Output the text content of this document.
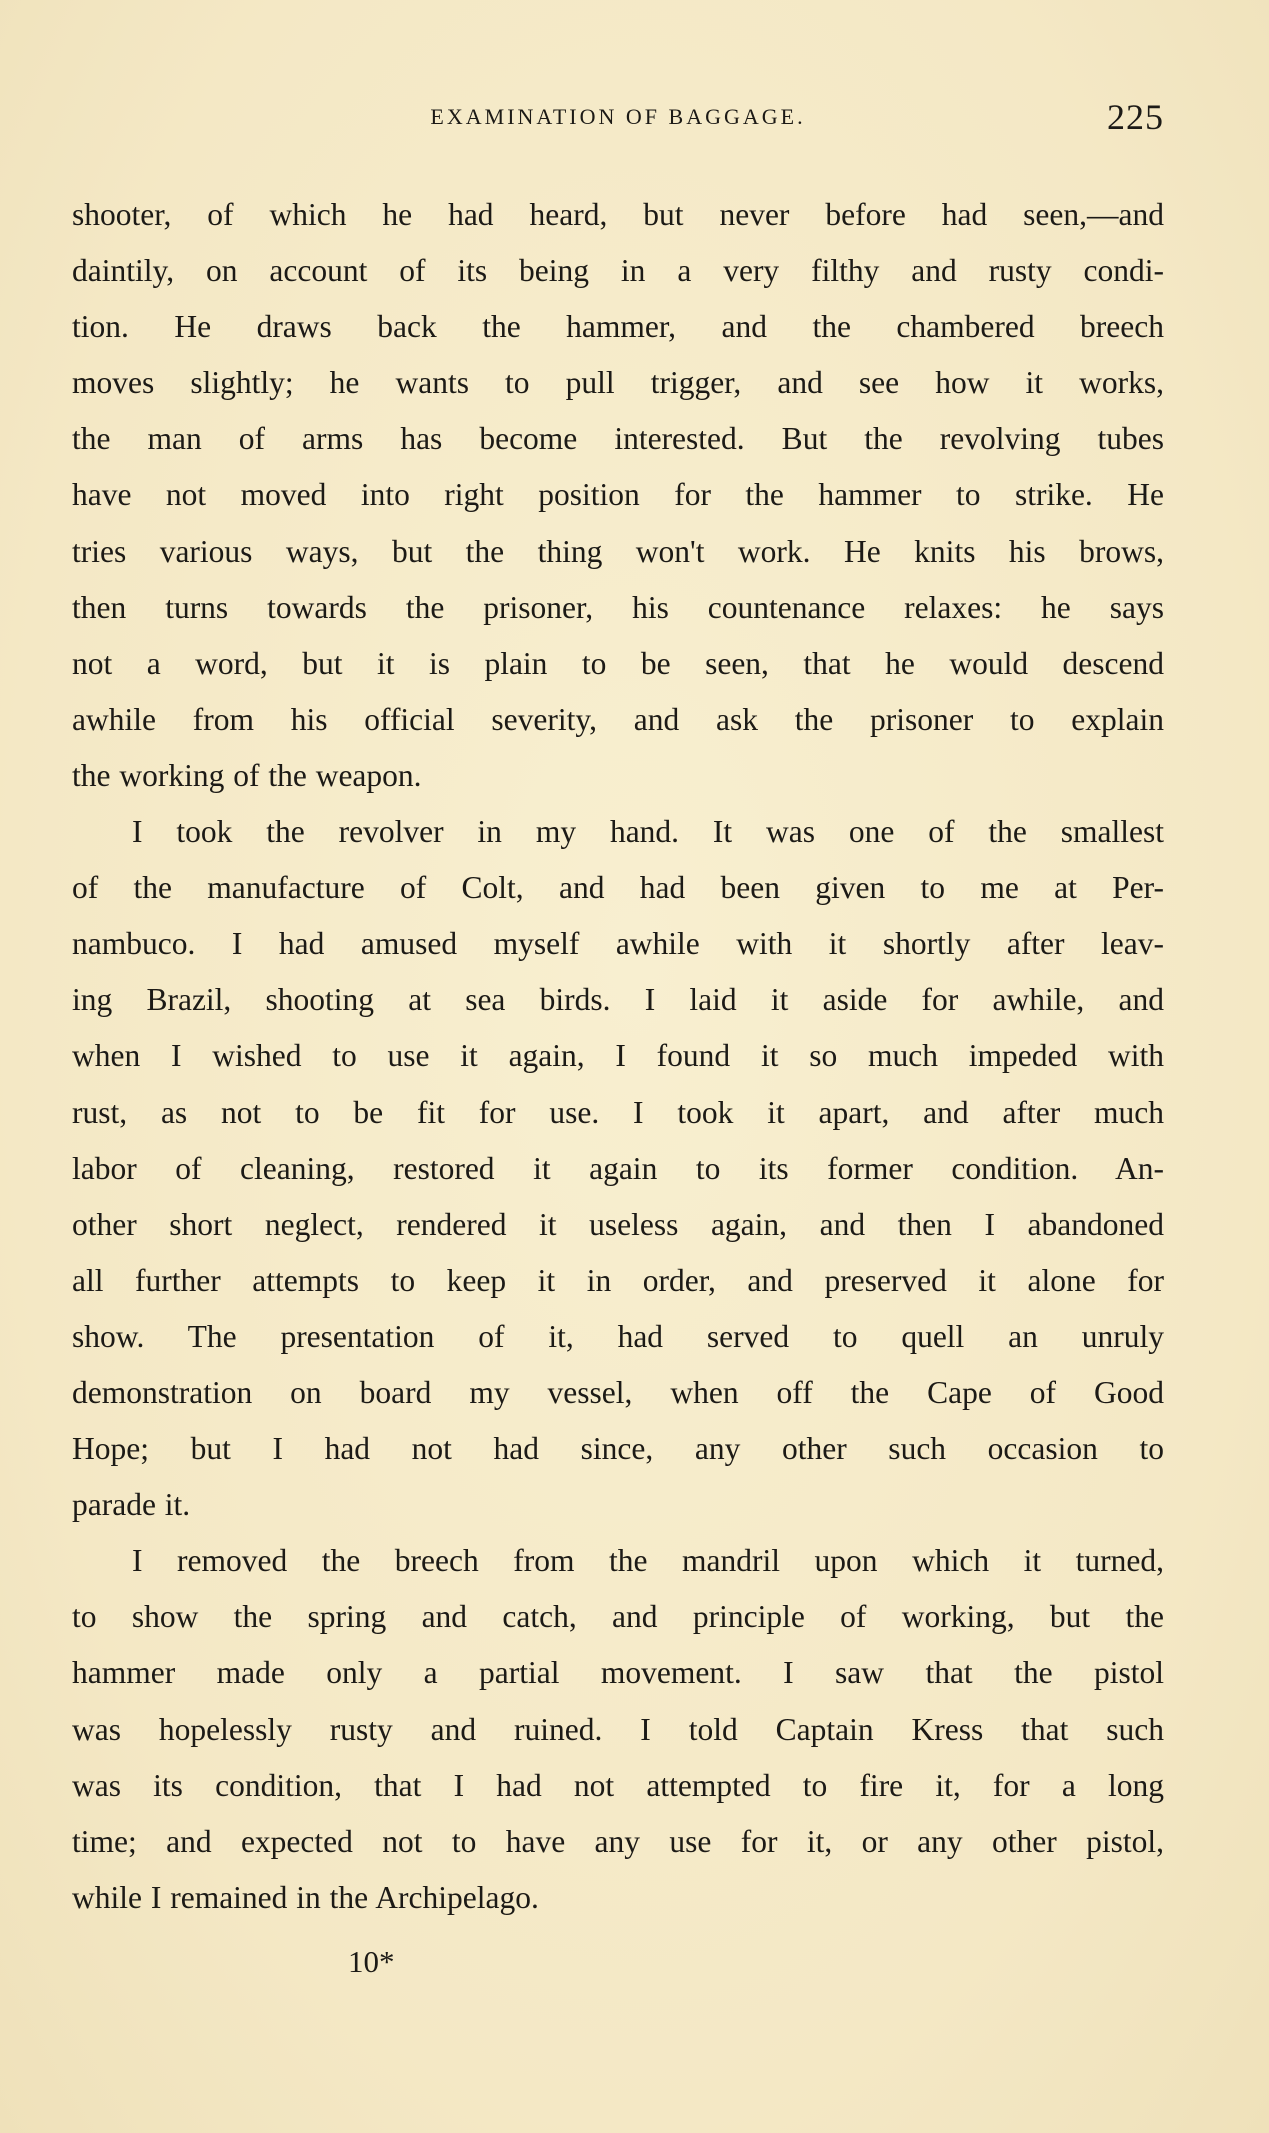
EXAMINATION OF BAGGAGE.	225
shooter, of which he had heard, but never before had seen,—and
daintily, on account of its being in a very filthy and rusty condi-
tion. He draws back the hammer, and the chambered breech
moves slightly; he wants to pull trigger, and see how it works,
the man of arms has become interested. But the revolving tubes
have not moved into right position for the hammer to strike. He
tries various ways, but the thing won't work. He knits his brows,
then turns towards the prisoner, his countenance relaxes: he says
not a word, but it is plain to be seen, that he would descend
awhile from his official severity, and ask the prisoner to explain
the working of the weapon.
I took the revolver in my hand. It was one of the smallest
of the manufacture of Colt, and had been given to me at Per-
nambuco. I had amused myself awhile with it shortly after leav-
ing Brazil, shooting at sea birds. I laid it aside for awhile, and
when I wished to use it again, I found it so much impeded with
rust, as not to be fit for use. I took it apart, and after much
labor of cleaning, restored it again to its former condition. An-
other short neglect, rendered it useless again, and then I abandoned
all further attempts to keep it in order, and preserved it alone for
show. The presentation of it, had served to quell an unruly
demonstration on board my vessel, when off the Cape of Good
Hope; but I had not had since, any other such occasion to
parade it.
I removed the breech from the mandril upon which it turned,
to show the spring and catch, and principle of working, but the
hammer made only a partial movement. I saw that the pistol
was hopelessly rusty and ruined. I told Captain Kress that such
was its condition, that I had not attempted to fire it, for a long
time; and expected not to have any use for it, or any other pistol,
while I remained in the Archipelago.
10*
